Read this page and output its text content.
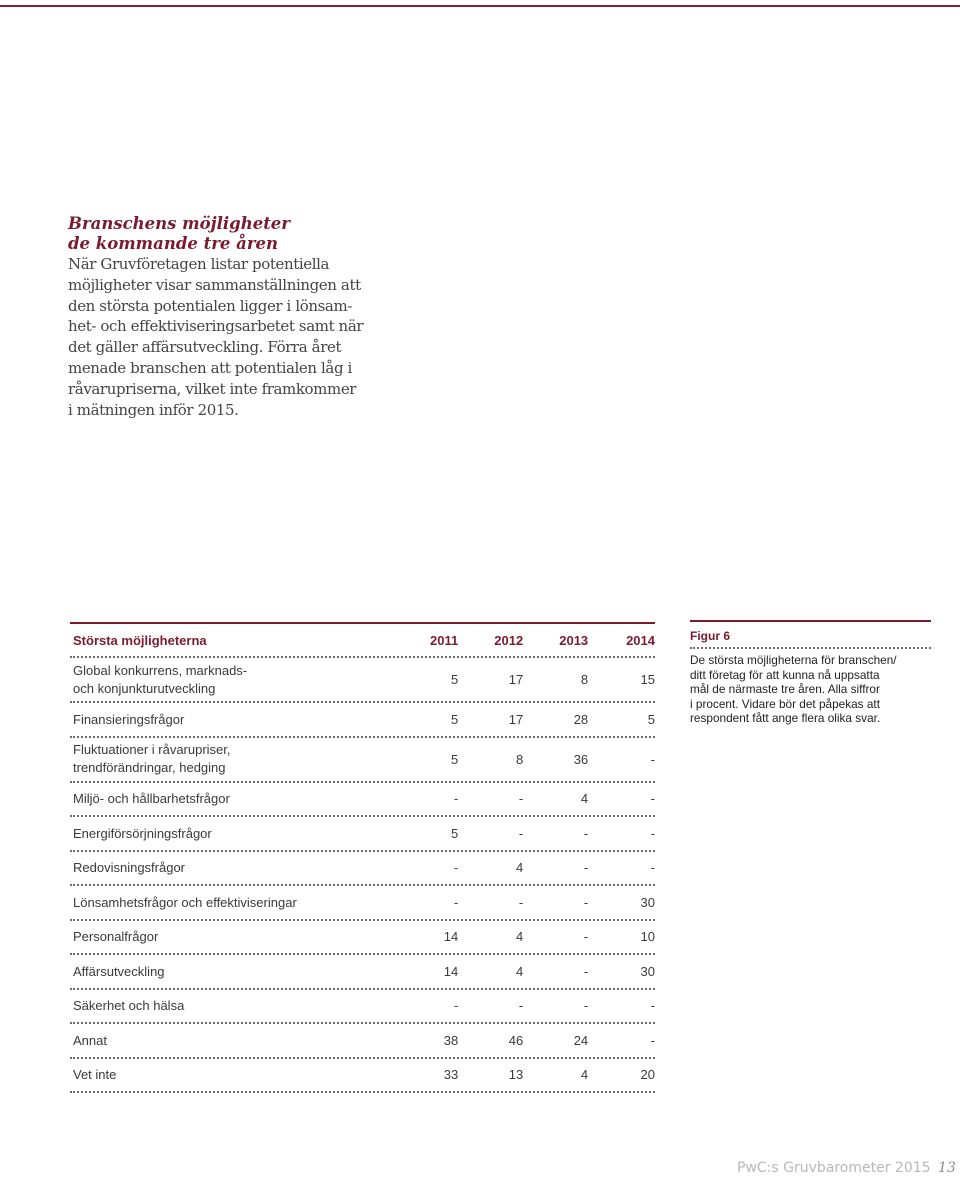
Branschens möjligheter

de kommande tre åren

När Gruvföretagen listar potentiella
möjligheter visar sammanställningen att
den största potentialen ligger i lönsam-
het- och effektiviseringsarbetet samt när
det gäller affärsutveckling. Förra året
menade branschen att potentialen låg i
råvarupriserna, vilket inte framkommer
i mätningen inför 2015.

Största möjligheterna	2011	2012	2013	2014
Global konkurrens, marknads-
och konjunkturutveckling
5	17	8	15
Finansieringsfrågor	5	17	28	5
Fluktuationer i råvarupriser,
trendförändringar, hedging
5	8	36	-
Miljö- och hållbarhetsfrågor	-	-	4	-
Energiförsörjningsfrågor	5	-	-	-
Redovisningsfrågor	-	4	-	-
Lönsamhetsfrågor och effektiviseringar	-	-	-	30
Personalfrågor	14	4	-	10
Affärsutveckling	14	4	-	30
Säkerhet och hälsa	-	-	-	-
Annat	38	46	24	-
Vet inte	33	13	4	20
Figur 6
De största möjligheterna för branschen/
ditt företag för att kunna nå uppsatta
mål de närmaste tre åren. Alla siffror
i procent. Vidare bör det påpekas att
respondent fått ange flera olika svar.
PwC:s Gruvbarometer 2015 13
